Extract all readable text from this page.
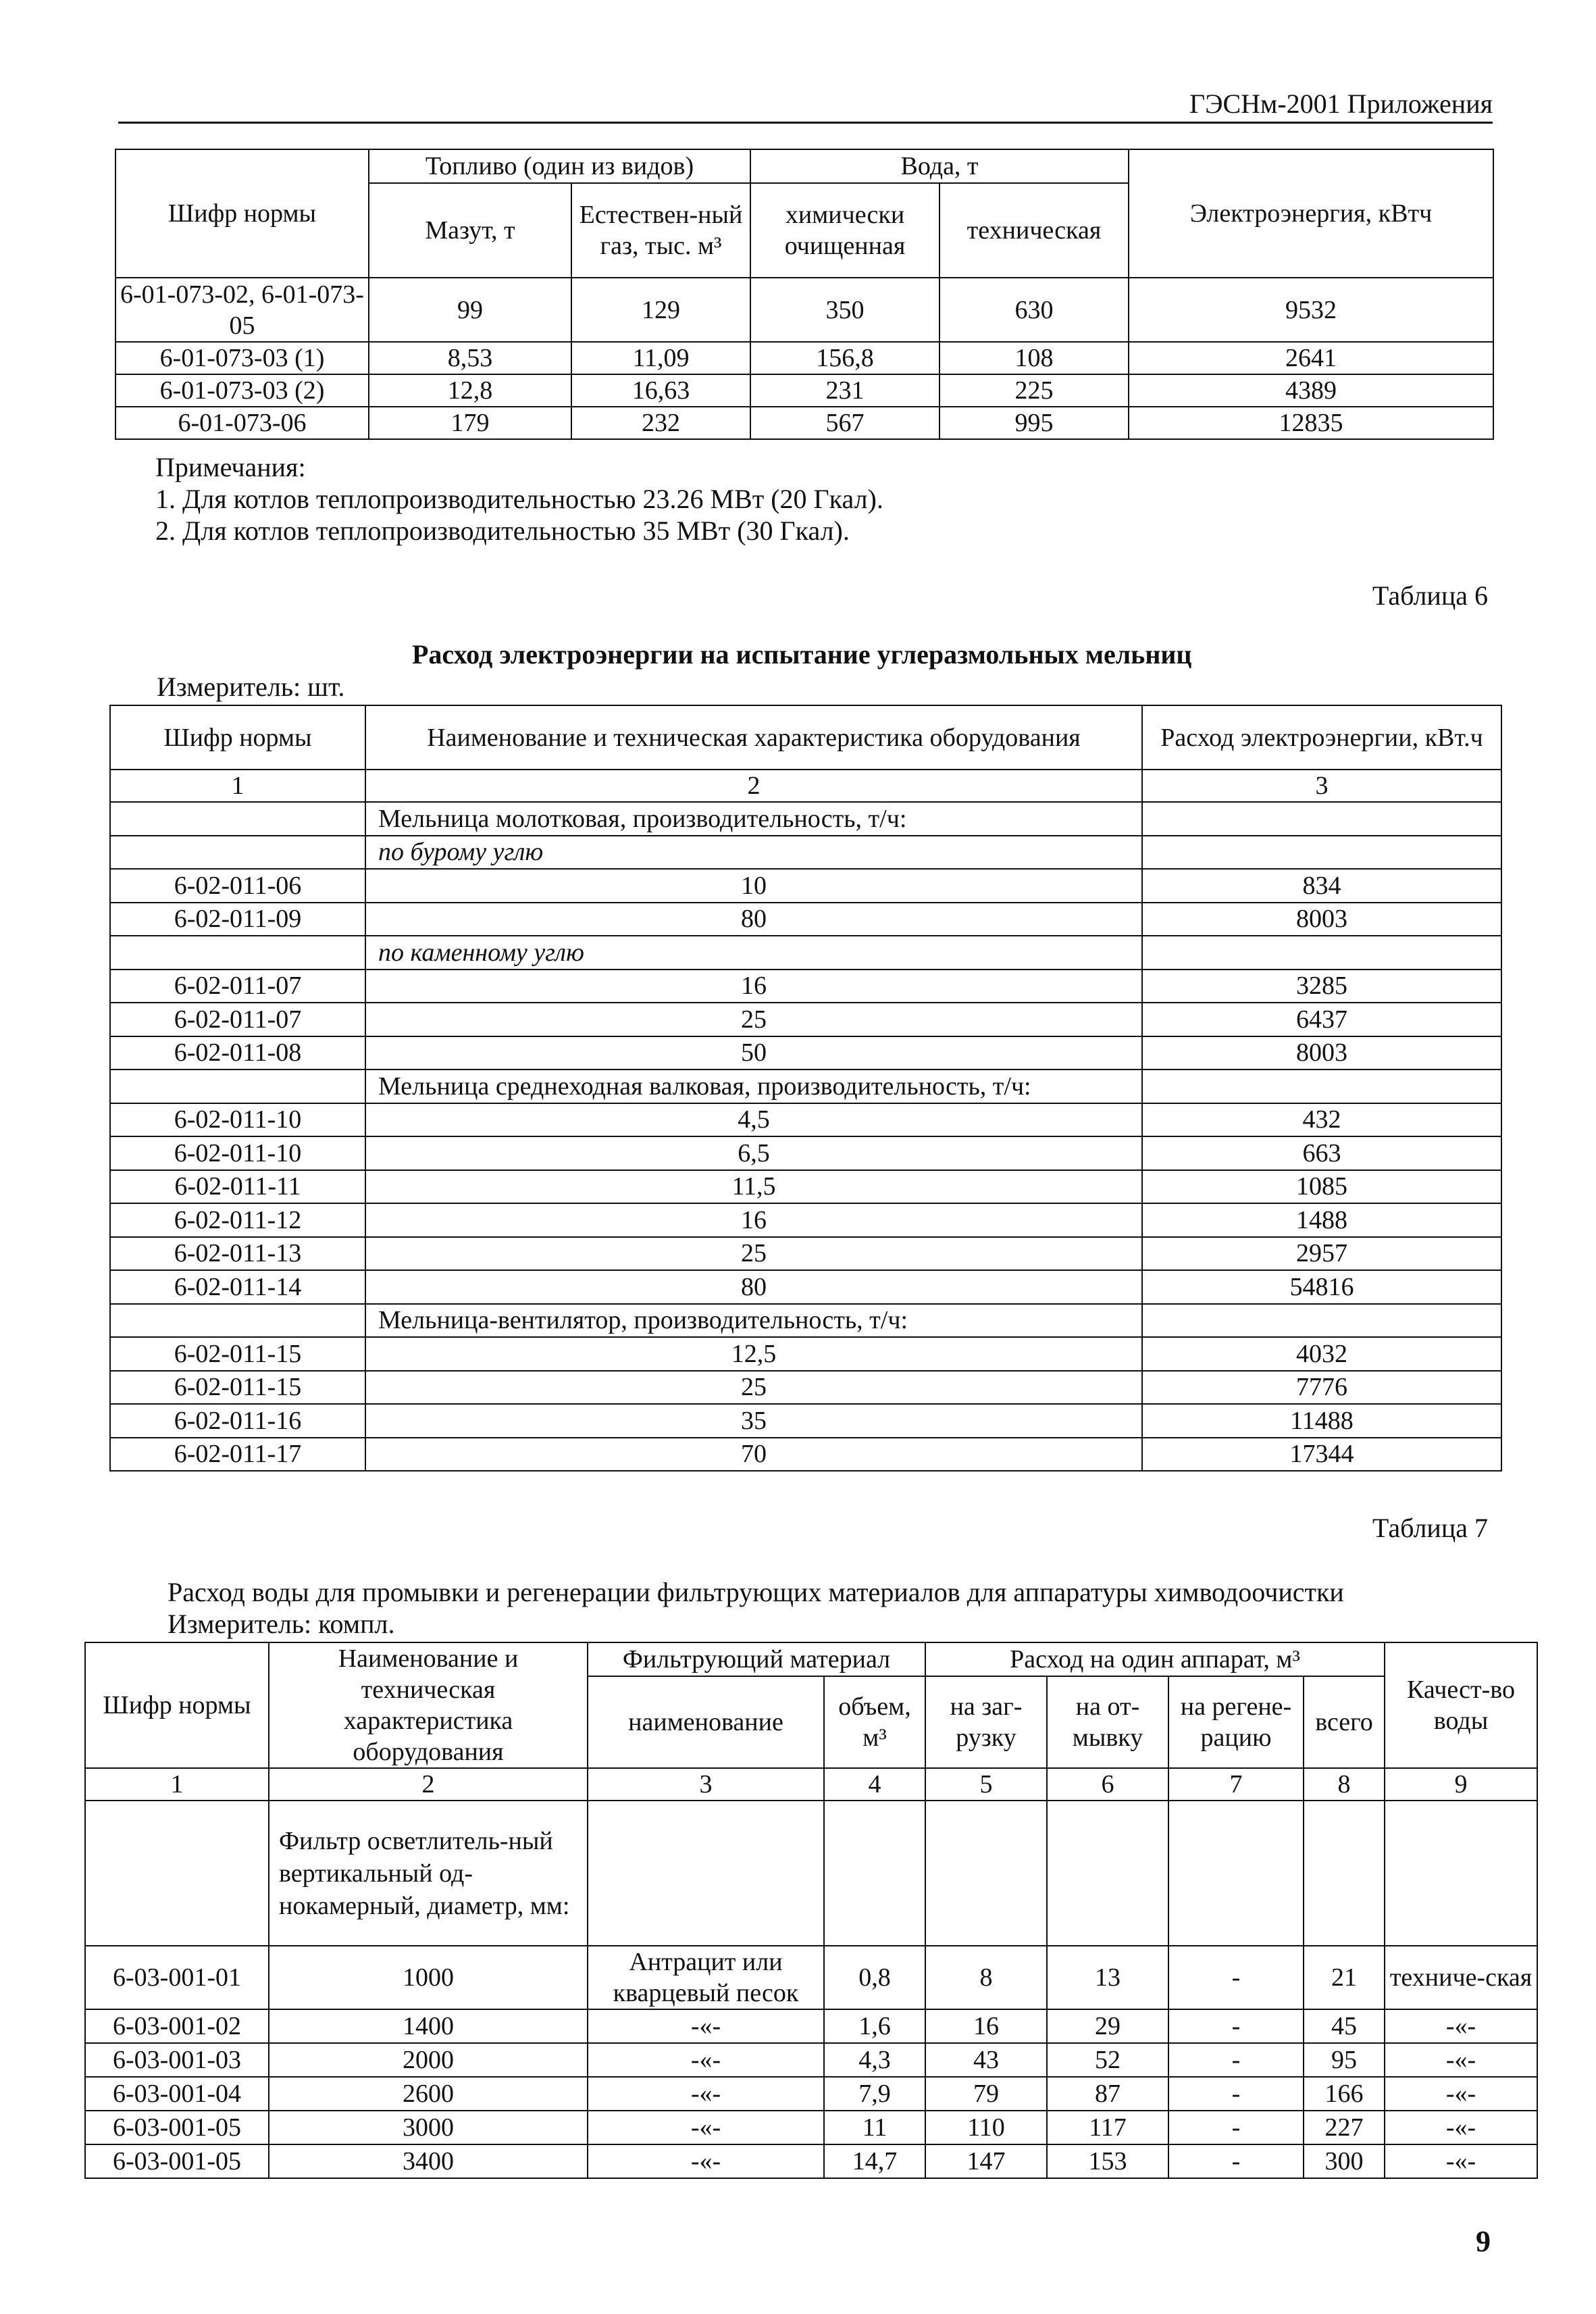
ГЭСНм-2001 Приложения
Шифр нормы	Топливо (один из видов)		Вода, т		Электроэнергия, кВтч
	Мазут, т	Естествен-ный газ, тыс. м³	химически очищенная	техническая	
6-01-073-02, 6-01-073-05	99	129	350	630	9532
6-01-073-03 (1)	8,53	11,09	156,8	108	2641
6-01-073-03 (2)	12,8	16,63	231	225	4389
6-01-073-06	179	232	567	995	12835
Примечания:
1. Для котлов теплопроизводительностью 23.26 МВт (20 Гкал).
2. Для котлов теплопроизводительностью 35 МВт (30 Гкал).
Таблица 6
Расход электроэнергии на испытание углеразмольных мельниц
Измеритель: шт.
Шифр нормы	Наименование и техническая характеристика оборудования	Расход электроэнергии, кВт.ч
1	2	3
	Мельница молотковая, производительность, т/ч:	
	по бурому углю	
6-02-011-06	10	834
6-02-011-09	80	8003
	по каменному углю	
6-02-011-07	16	3285
6-02-011-07	25	6437
6-02-011-08	50	8003
	Мельница среднеходная валковая, производительность, т/ч:	
6-02-011-10	4,5	432
6-02-011-10	6,5	663
6-02-011-11	11,5	1085
6-02-011-12	16	1488
6-02-011-13	25	2957
6-02-011-14	80	54816
	Мельница-вентилятор, производительность, т/ч:	
6-02-011-15	12,5	4032
6-02-011-15	25	7776
6-02-011-16	35	11488
6-02-011-17	70	17344
Таблица 7
Расход воды для промывки и регенерации фильтрующих материалов для аппаратуры химводоочистки
Измеритель: компл.
Шифр нормы	Наименование и техническая характеристика оборудования	Фильтрующий материал		Расход на один аппарат, м³				Качест-во воды
		наименование	объем, м³	на заг-рузку	на от-мывку	на регене-рацию	всего	
1	2	3	4	5	6	7	8	9
	Фильтр осветлитель-ный вертикальный од-нокамерный, диаметр, мм:							
6-03-001-01	1000	Антрацит или кварцевый песок	0,8	8	13	-	21	техниче-ская
6-03-001-02	1400	-«-	1,6	16	29	-	45	-«-
6-03-001-03	2000	-«-	4,3	43	52	-	95	-«-
6-03-001-04	2600	-«-	7,9	79	87	-	166	-«-
6-03-001-05	3000	-«-	11	110	117	-	227	-«-
6-03-001-05	3400	-«-	14,7	147	153	-	300	-«-
9
